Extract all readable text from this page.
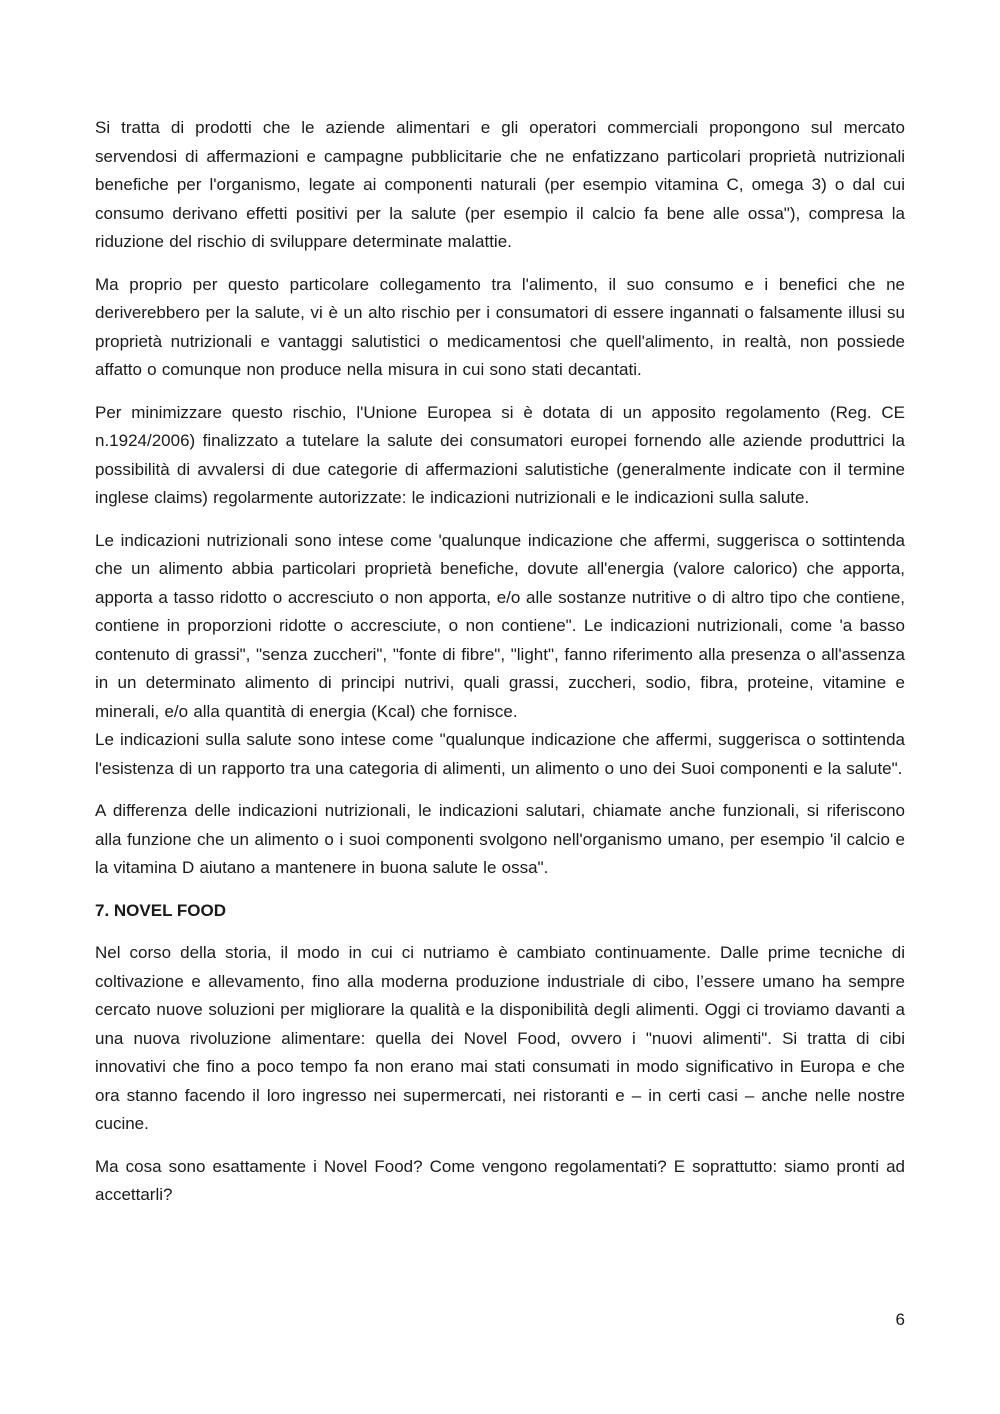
Si tratta di prodotti che le aziende alimentari e gli operatori commerciali propongono sul mercato servendosi di affermazioni e campagne pubblicitarie che ne enfatizzano particolari proprietà nutrizionali benefiche per l'organismo, legate ai componenti naturali (per esempio vitamina C, omega 3) o dal cui consumo derivano effetti positivi per la salute (per esempio il calcio fa bene alle ossa"), compresa la riduzione del rischio di sviluppare determinate malattie.

Ma proprio per questo particolare collegamento tra l'alimento, il suo consumo e i benefici che ne deriverebbero per la salute, vi è un alto rischio per i consumatori di essere ingannati o falsamente illusi su proprietà nutrizionali e vantaggi salutistici o medicamentosi che quell'alimento, in realtà, non possiede affatto o comunque non produce nella misura in cui sono stati decantati.

Per minimizzare questo rischio, l'Unione Europea si è dotata di un apposito regolamento (Reg. CE n.1924/2006) finalizzato a tutelare la salute dei consumatori europei fornendo alle aziende produttrici la possibilità di avvalersi di due categorie di affermazioni salutistiche (generalmente indicate con il termine inglese claims) regolarmente autorizzate: le indicazioni nutrizionali e le indicazioni sulla salute.

Le indicazioni nutrizionali sono intese come 'qualunque indicazione che affermi, suggerisca o sottintenda che un alimento abbia particolari proprietà benefiche, dovute all'energia (valore calorico) che apporta, apporta a tasso ridotto o accresciuto o non apporta, e/o alle sostanze nutritive o di altro tipo che contiene, contiene in proporzioni ridotte o accresciute, o non contiene". Le indicazioni nutrizionali, come 'a basso contenuto di grassi", "senza zuccheri", "fonte di fibre", "light", fanno riferimento alla presenza o all'assenza in un determinato alimento di principi nutrivi, quali grassi, zuccheri, sodio, fibra, proteine, vitamine e minerali, e/o alla quantità di energia (Kcal) che fornisce.

Le indicazioni sulla salute sono intese come "qualunque indicazione che affermi, suggerisca o sottintenda l'esistenza di un rapporto tra una categoria di alimenti, un alimento o uno dei Suoi componenti e la salute".

A differenza delle indicazioni nutrizionali, le indicazioni salutari, chiamate anche funzionali, si riferiscono alla funzione che un alimento o i suoi componenti svolgono nell'organismo umano, per esempio 'il calcio e la vitamina D aiutano a mantenere in buona salute le ossa".

7. NOVEL FOOD

Nel corso della storia, il modo in cui ci nutriamo è cambiato continuamente. Dalle prime tecniche di coltivazione e allevamento, fino alla moderna produzione industriale di cibo, l’essere umano ha sempre cercato nuove soluzioni per migliorare la qualità e la disponibilità degli alimenti. Oggi ci troviamo davanti a una nuova rivoluzione alimentare: quella dei Novel Food, ovvero i "nuovi alimenti". Si tratta di cibi innovativi che fino a poco tempo fa non erano mai stati consumati in modo significativo in Europa e che ora stanno facendo il loro ingresso nei supermercati, nei ristoranti e – in certi casi – anche nelle nostre cucine.

Ma cosa sono esattamente i Novel Food? Come vengono regolamentati? E soprattutto: siamo pronti ad accettarli?

6
